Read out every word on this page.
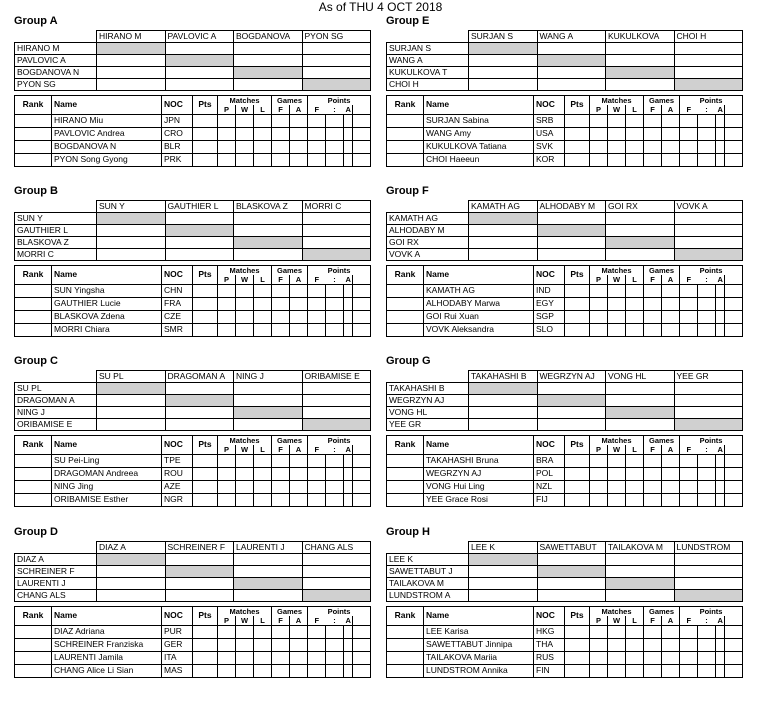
As of THU 4 OCT 2018
Group A
	HIRANO M	PAVLOVIC A	BOGDANOVA	PYON SG
HIRANO M				
PAVLOVIC A				
BOGDANOVA N				
PYON SG				
Rank	Name	NOC	Pts	Matches			Games		Points			
				P	W	L	F	A	F	:	A	
	HIRANO Miu	JPN										
	PAVLOVIC Andrea	CRO										
	BOGDANOVA N	BLR										
	PYON Song Gyong	PRK										
Group E
	SURJAN S	WANG A	KUKULKOVA	CHOI H
SURJAN S				
WANG A				
KUKULKOVA T				
CHOI H				
Rank	Name	NOC	Pts	Matches			Games		Points			
				P	W	L	F	A	F	:	A	
	SURJAN Sabina	SRB										
	WANG Amy	USA										
	KUKULKOVA Tatiana	SVK										
	CHOI Haeeun	KOR										
Group B
	SUN Y	GAUTHIER L	BLASKOVA Z	MORRI C
SUN Y				
GAUTHIER L				
BLASKOVA Z				
MORRI C				
Rank	Name	NOC	Pts	Matches			Games		Points			
				P	W	L	F	A	F	:	A	
	SUN Yingsha	CHN										
	GAUTHIER Lucie	FRA										
	BLASKOVA Zdena	CZE										
	MORRI Chiara	SMR										
Group F
	KAMATH AG	ALHODABY M	GOI RX	VOVK A
KAMATH AG				
ALHODABY M				
GOI RX				
VOVK A				
Rank	Name	NOC	Pts	Matches			Games		Points			
				P	W	L	F	A	F	:	A	
	KAMATH AG	IND										
	ALHODABY Marwa	EGY										
	GOI Rui Xuan	SGP										
	VOVK Aleksandra	SLO										
Group C
	SU PL	DRAGOMAN A	NING J	ORIBAMISE E
SU PL				
DRAGOMAN A				
NING J				
ORIBAMISE E				
Rank	Name	NOC	Pts	Matches			Games		Points			
				P	W	L	F	A	F	:	A	
	SU Pei-Ling	TPE										
	DRAGOMAN Andreea	ROU										
	NING Jing	AZE										
	ORIBAMISE Esther	NGR										
Group G
	TAKAHASHI B	WEGRZYN AJ	VONG HL	YEE GR
TAKAHASHI B				
WEGRZYN AJ				
VONG HL				
YEE GR				
Rank	Name	NOC	Pts	Matches			Games		Points			
				P	W	L	F	A	F	:	A	
	TAKAHASHI Bruna	BRA										
	WEGRZYN AJ	POL										
	VONG Hui Ling	NZL										
	YEE Grace Rosi	FIJ										
Group D
	DIAZ A	SCHREINER F	LAURENTI J	CHANG ALS
DIAZ A				
SCHREINER F				
LAURENTI J				
CHANG ALS				
Rank	Name	NOC	Pts	Matches			Games		Points			
				P	W	L	F	A	F	:	A	
	DIAZ Adriana	PUR										
	SCHREINER Franziska	GER										
	LAURENTI Jamila	ITA										
	CHANG Alice Li Sian	MAS										
Group H
	LEE K	SAWETTABUT	TAILAKOVA M	LUNDSTROM
LEE K				
SAWETTABUT J				
TAILAKOVA M				
LUNDSTROM A				
Rank	Name	NOC	Pts	Matches			Games		Points			
				P	W	L	F	A	F	:	A	
	LEE Karisa	HKG										
	SAWETTABUT Jinnipa	THA										
	TAILAKOVA Mariia	RUS										
	LUNDSTROM Annika	FIN										
